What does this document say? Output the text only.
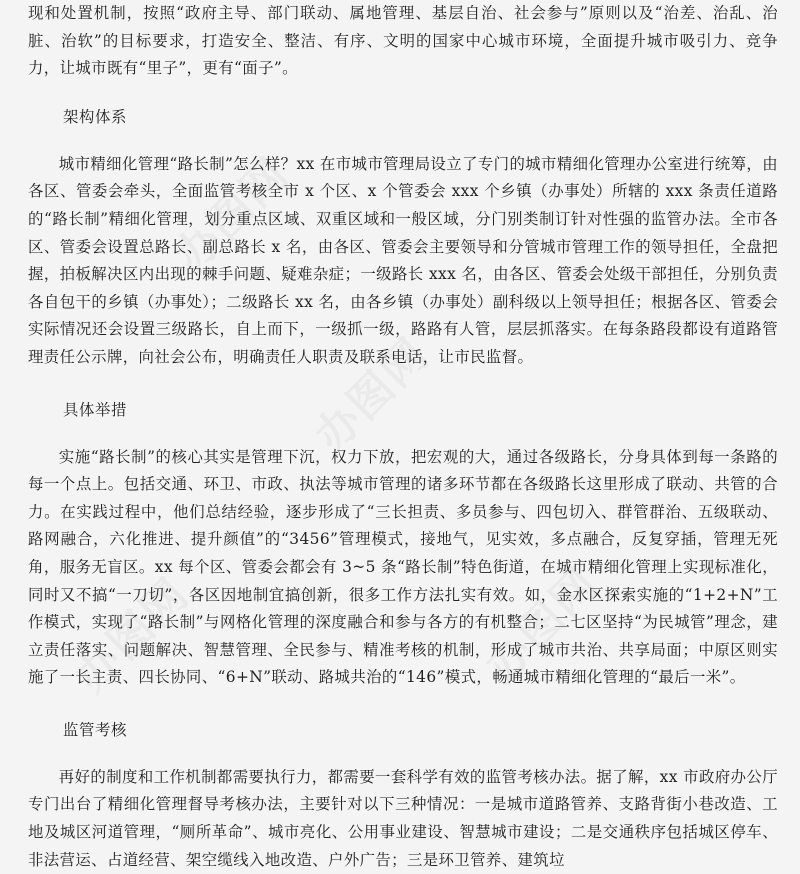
办图网
办图网
办图网	办图网

现和处置机制，按照“政府主导、部门联动、属地管理、基层自治、社会参与”原则以及“治差、治乱、治脏、治软”的目标要求，打造安全、整洁、有序、文明的国家中心城市环境，全面提升城市吸引力、竞争力，让城市既有“里子”，更有“面子”。

架构体系

城市精细化管理“路长制”怎么样？xx 在市城市管理局设立了专门的城市精细化管理办公室进行统筹，由各区、管委会牵头，全面监管考核全市 x 个区、x 个管委会 xxx 个乡镇（办事处）所辖的 xxx 条责任道路的“路长制”精细化管理，划分重点区域、双重区域和一般区域，分门别类制订针对性强的监管办法。全市各区、管委会设置总路长、副总路长 x 名，由各区、管委会主要领导和分管城市管理工作的领导担任，全盘把握，拍板解决区内出现的棘手问题、疑难杂症；一级路长 xxx 名，由各区、管委会处级干部担任，分别负责各自包干的乡镇（办事处）；二级路长 xx 名，由各乡镇（办事处）副科级以上领导担任；根据各区、管委会实际情况还会设置三级路长，自上而下，一级抓一级，路路有人管，层层抓落实。在每条路段都设有道路管理责任公示牌，向社会公布，明确责任人职责及联系电话，让市民监督。

具体举措

实施“路长制”的核心其实是管理下沉，权力下放，把宏观的大，通过各级路长，分身具体到每一条路的每一个点上。包括交通、环卫、市政、执法等城市管理的诸多环节都在各级路长这里形成了联动、共管的合力。在实践过程中，他们总结经验，逐步形成了“三长担责、多员参与、四包切入、群管群治、五级联动、路网融合，六化推进、提升颜值”的“3456”管理模式，接地气，见实效，多点融合，反复穿插，管理无死角，服务无盲区。xx 每个区、管委会都会有 3~5 条“路长制”特色街道，在城市精细化管理上实现标准化，同时又不搞“一刀切”，各区因地制宜搞创新，很多工作方法扎实有效。如，金水区探索实施的“1+2+N”工作模式，实现了“路长制”与网格化管理的深度融合和参与各方的有机整合；二七区坚持“为民城管”理念，建立责任落实、问题解决、智慧管理、全民参与、精准考核的机制，形成了城市共治、共享局面；中原区则实施了一长主责、四长协同、“6+N”联动、路城共治的“146”模式，畅通城市精细化管理的“最后一米”。

监管考核

再好的制度和工作机制都需要执行力，都需要一套科学有效的监管考核办法。据了解，xx 市政府办公厅专门出台了精细化管理督导考核办法，主要针对以下三种情况：一是城市道路管养、支路背街小巷改造、工地及城区河道管理，“厕所革命”、城市亮化、公用事业建设、智慧城市建设；二是交通秩序包括城区停车、非法营运、占道经营、架空缆线入地改造、户外广告；三是环卫管养、建筑垃
